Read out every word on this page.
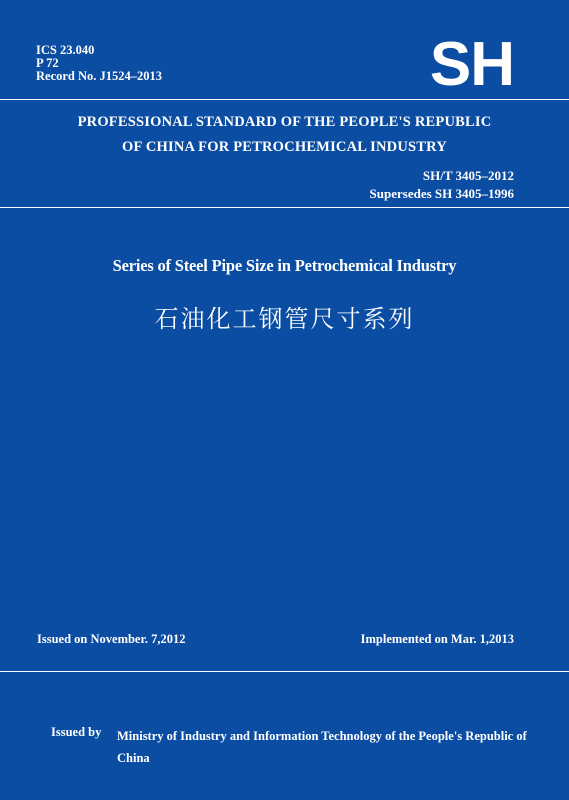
ICS 23.040
P 72
Record No. J1524–2013	SH
PROFESSIONAL STANDARD OF THE PEOPLE'S REPUBLIC
OF CHINA FOR PETROCHEMICAL INDUSTRY
SH/T 3405–2012
Supersedes SH 3405–1996
Series of Steel Pipe Size in Petrochemical Industry
石油化工钢管尺寸系列
Issued on November. 7,2012	Implemented on Mar. 1,2013
Issued by Ministry of Industry and Information Technology of the People's Republic of China
